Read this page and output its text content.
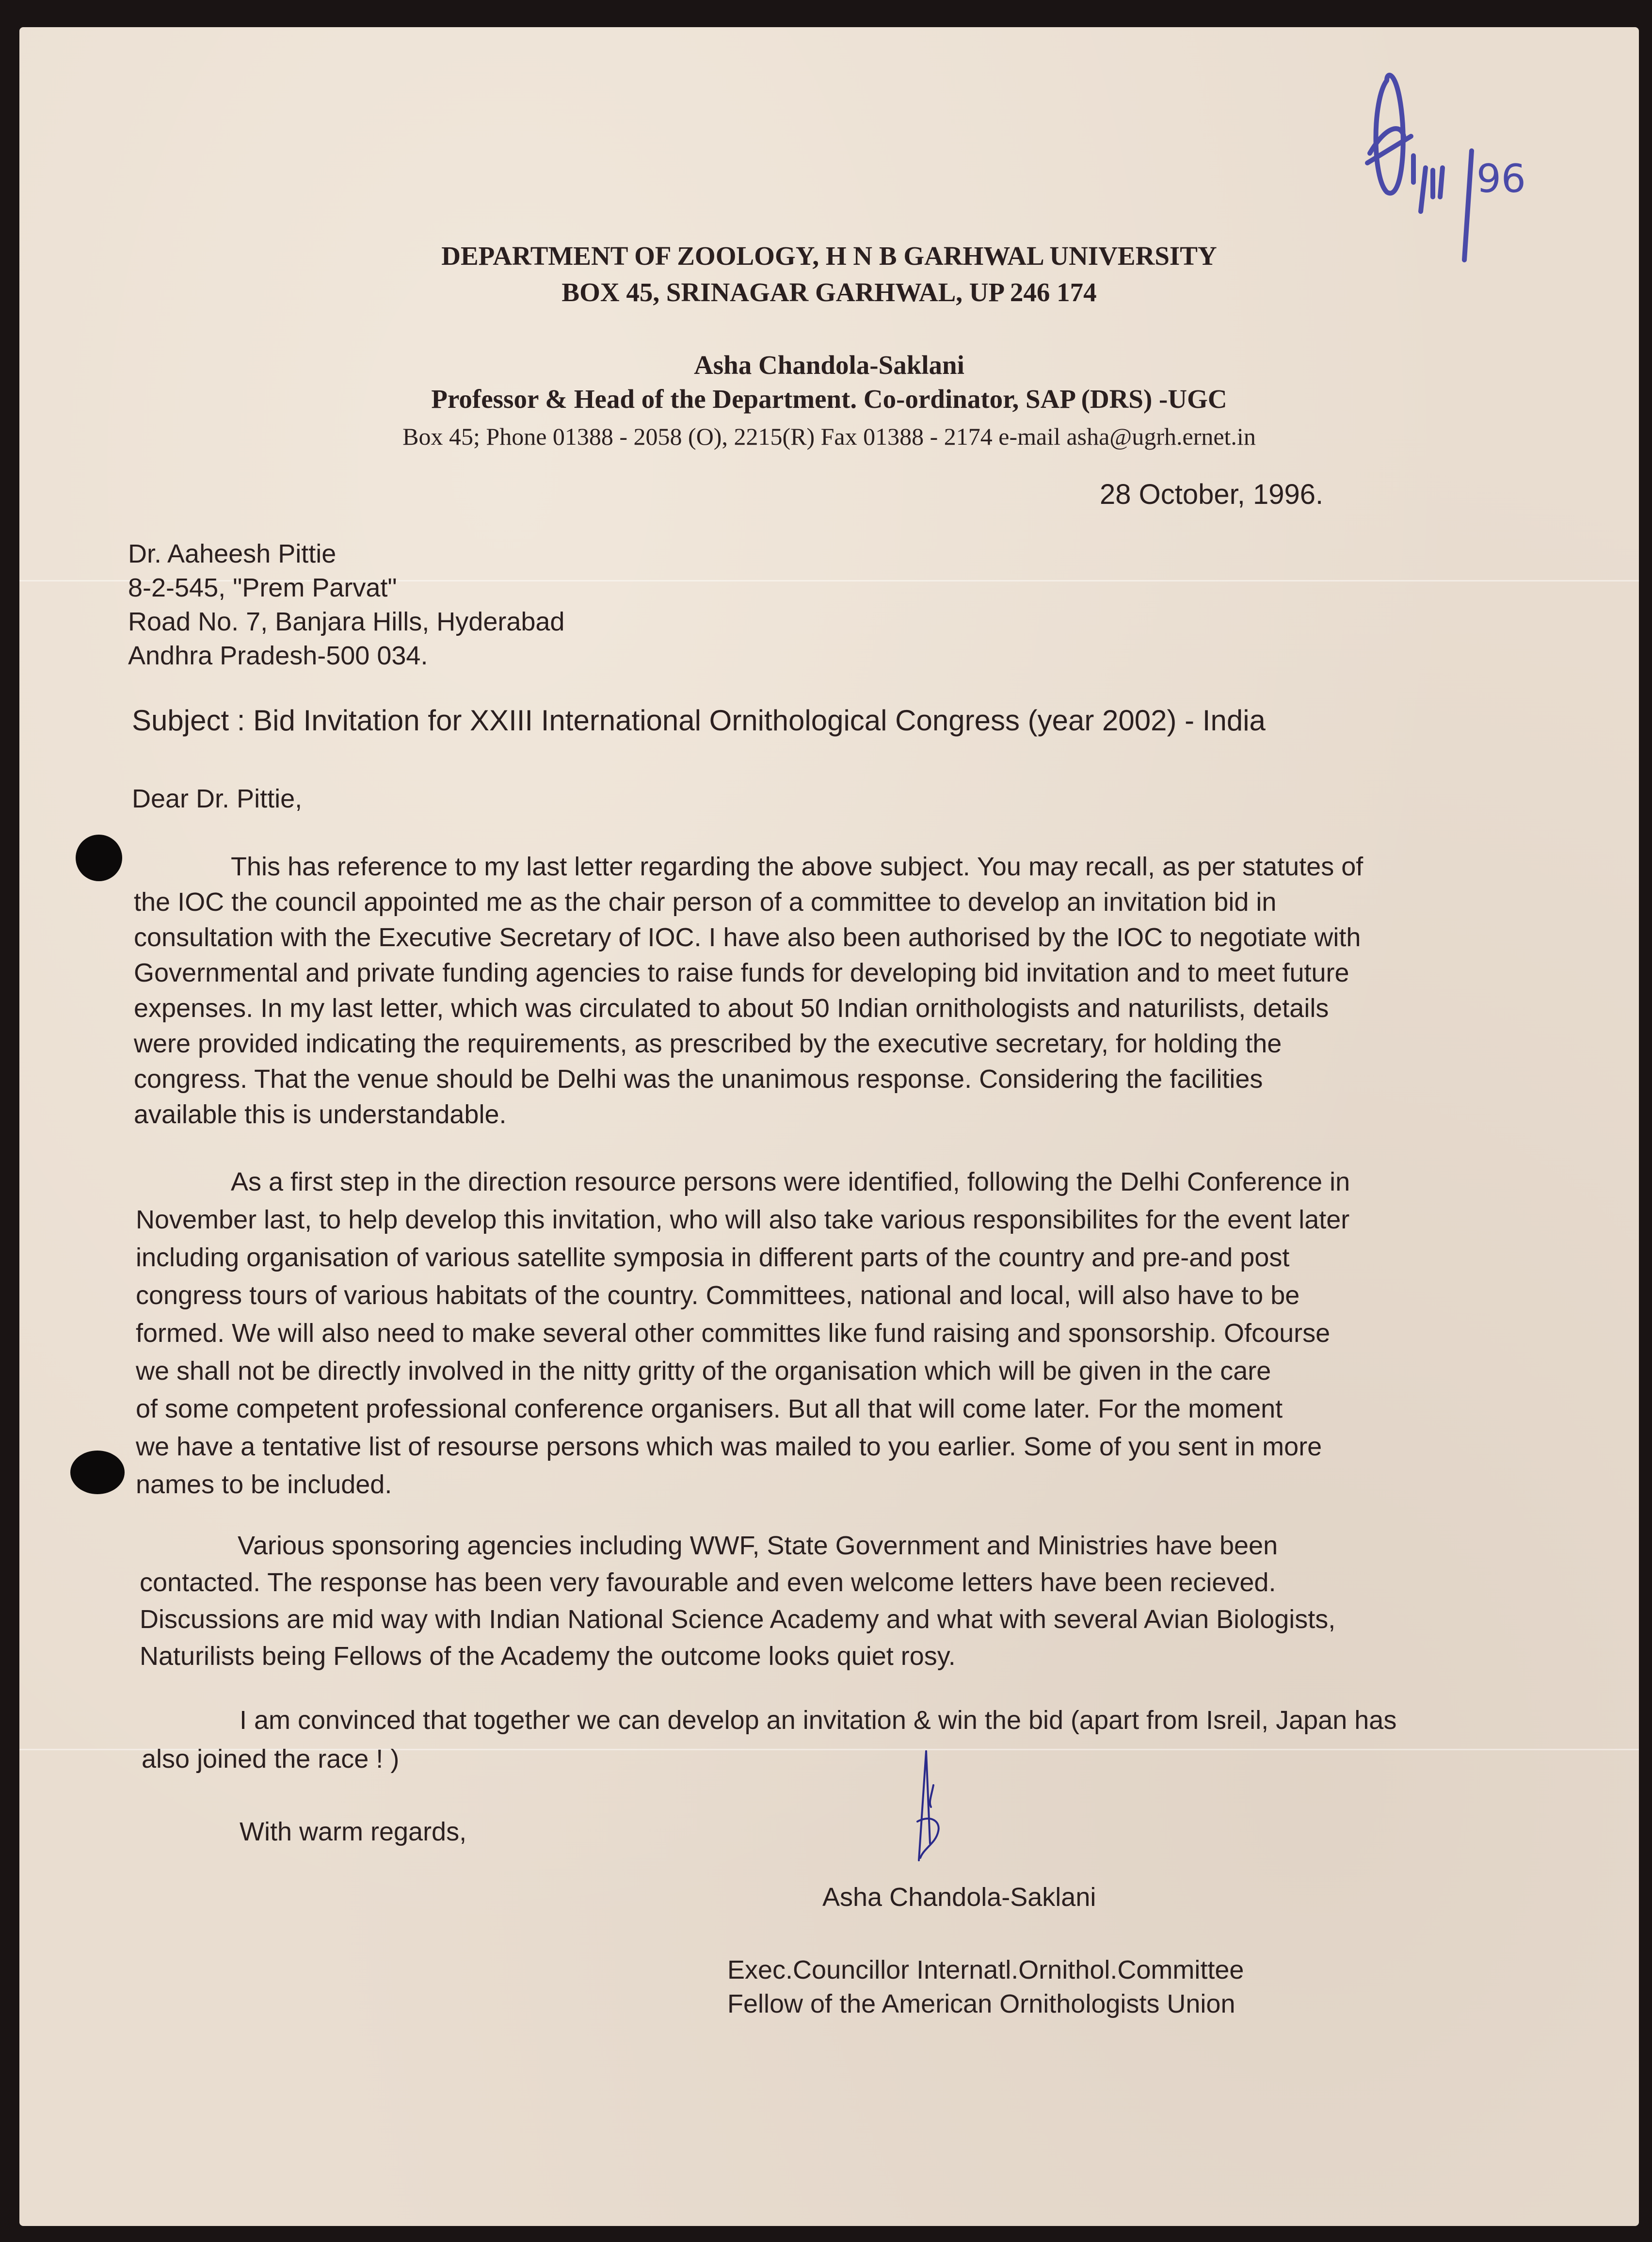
DEPARTMENT OF ZOOLOGY, H N B GARHWAL UNIVERSITY
BOX 45, SRINAGAR GARHWAL, UP 246 174
Asha Chandola-Saklani
Professor & Head of the Department. Co-ordinator, SAP (DRS) -UGC
Box 45; Phone 01388 - 2058 (O), 2215(R) Fax 01388 - 2174 e-mail asha@ugrh.ernet.in
96
28 October, 1996.
Dr. Aaheesh Pittie
8-2-545, "Prem Parvat"
Road No. 7, Banjara Hills, Hyderabad
Andhra Pradesh-500 034.
Subject : Bid Invitation for XXIII International Ornithological Congress (year 2002) - India
Dear Dr. Pittie,
This has reference to my last letter regarding the above subject. You may recall, as per statutes of
the IOC the council appointed me as the chair person of a committee to develop an invitation bid in
consultation with the Executive Secretary of IOC. I have also been authorised by the IOC to negotiate with
Governmental and private funding agencies to raise funds for developing bid invitation and to meet future
expenses. In my last letter, which was circulated to about 50 Indian ornithologists and naturilists, details
were provided indicating the requirements, as prescribed by the executive secretary, for holding the
congress. That the venue should be Delhi was the unanimous response. Considering the facilities
available this is understandable.
As a first step in the direction resource persons were identified, following the Delhi Conference in
November last, to help develop this invitation, who will also take various responsibilites for the event later
including organisation of various satellite symposia in different parts of the country and pre-and post
congress tours of various habitats of the country. Committees, national and local, will also have to be
formed. We will also need to make several other committes like fund raising and sponsorship. Ofcourse
we shall not be directly involved in the nitty gritty of the organisation which will be given in the care
of some competent professional conference organisers. But all that will come later. For the moment
we have a tentative list of resourse persons which was mailed to you earlier. Some of you sent in more
names to be included.
Various sponsoring agencies including WWF, State Government and Ministries have been
contacted. The response has been very favourable and even welcome letters have been recieved.
Discussions are mid way with Indian National Science Academy and what with several Avian Biologists,
Naturilists being Fellows of the Academy the outcome looks quiet rosy.
I am convinced that together we can develop an invitation & win the bid (apart from Isreil, Japan has
also joined the race ! )
With warm regards,
Asha Chandola-Saklani
Exec.Councillor Internatl.Ornithol.Committee
Fellow of the American Ornithologists Union
